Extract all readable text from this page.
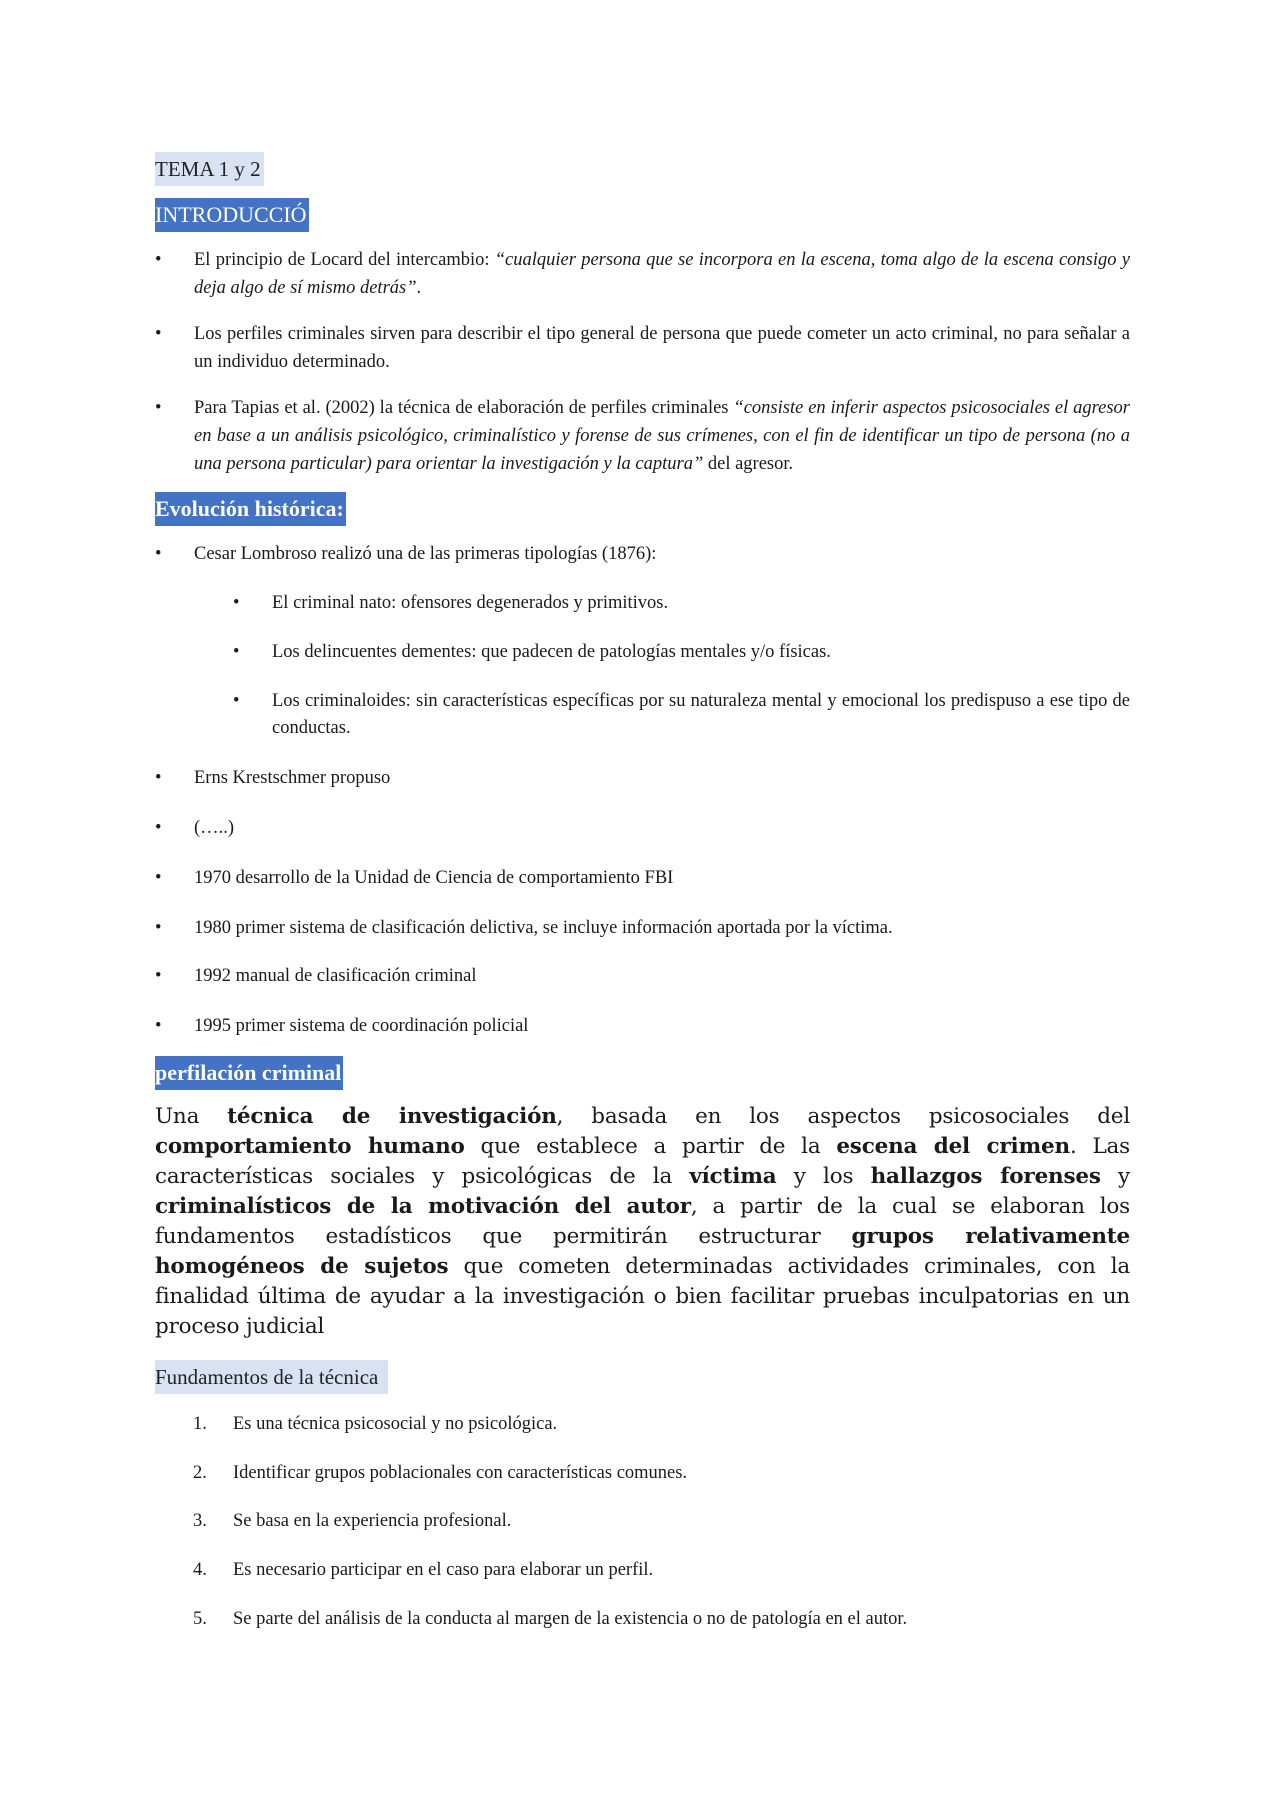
TEMA 1 y 2
INTRODUCCIÓ
• El principio de Locard del intercambio: “cualquier persona que se incorpora en la escena, toma algo de la escena consigo y deja algo de sí mismo detrás”.
• Los perfiles criminales sirven para describir el tipo general de persona que puede cometer un acto criminal, no para señalar a un individuo determinado.
• Para Tapias et al. (2002) la técnica de elaboración de perfiles criminales “consiste en inferir aspectos psicosociales el agresor en base a un análisis psicológico, criminalístico y forense de sus crímenes, con el fin de identificar un tipo de persona (no a una persona particular) para orientar la investigación y la captura” del agresor.
Evolución histórica:
• Cesar Lombroso realizó una de las primeras tipologías (1876):
• El criminal nato: ofensores degenerados y primitivos.
• Los delincuentes dementes: que padecen de patologías mentales y/o físicas.
• Los criminaloides: sin características específicas por su naturaleza mental y emocional los predispuso a ese tipo de conductas.
• Erns Krestschmer propuso
• (…..)
• 1970 desarrollo de la Unidad de Ciencia de comportamiento FBI
• 1980 primer sistema de clasificación delictiva, se incluye información aportada por la víctima.
• 1992 manual de clasificación criminal
• 1995 primer sistema de coordinación policial
perfilación criminal

Una técnica de investigación, basada en los aspectos psicosociales del comportamiento humano que establece a partir de la escena del crimen. Las características sociales y psicológicas de la víctima y los hallazgos forenses y criminalísticos de la motivación del autor, a partir de la cual se elaboran los fundamentos estadísticos que permitirán estructurar grupos relativamente homogéneos de sujetos que cometen determinadas actividades criminales, con la finalidad última de ayudar a la investigación o bien facilitar pruebas inculpatorias en un proceso judicial

Fundamentos de la técnica
1. Es una técnica psicosocial y no psicológica.
2. Identificar grupos poblacionales con características comunes.
3. Se basa en la experiencia profesional.
4. Es necesario participar en el caso para elaborar un perfil.
5. Se parte del análisis de la conducta al margen de la existencia o no de patología en el autor.
